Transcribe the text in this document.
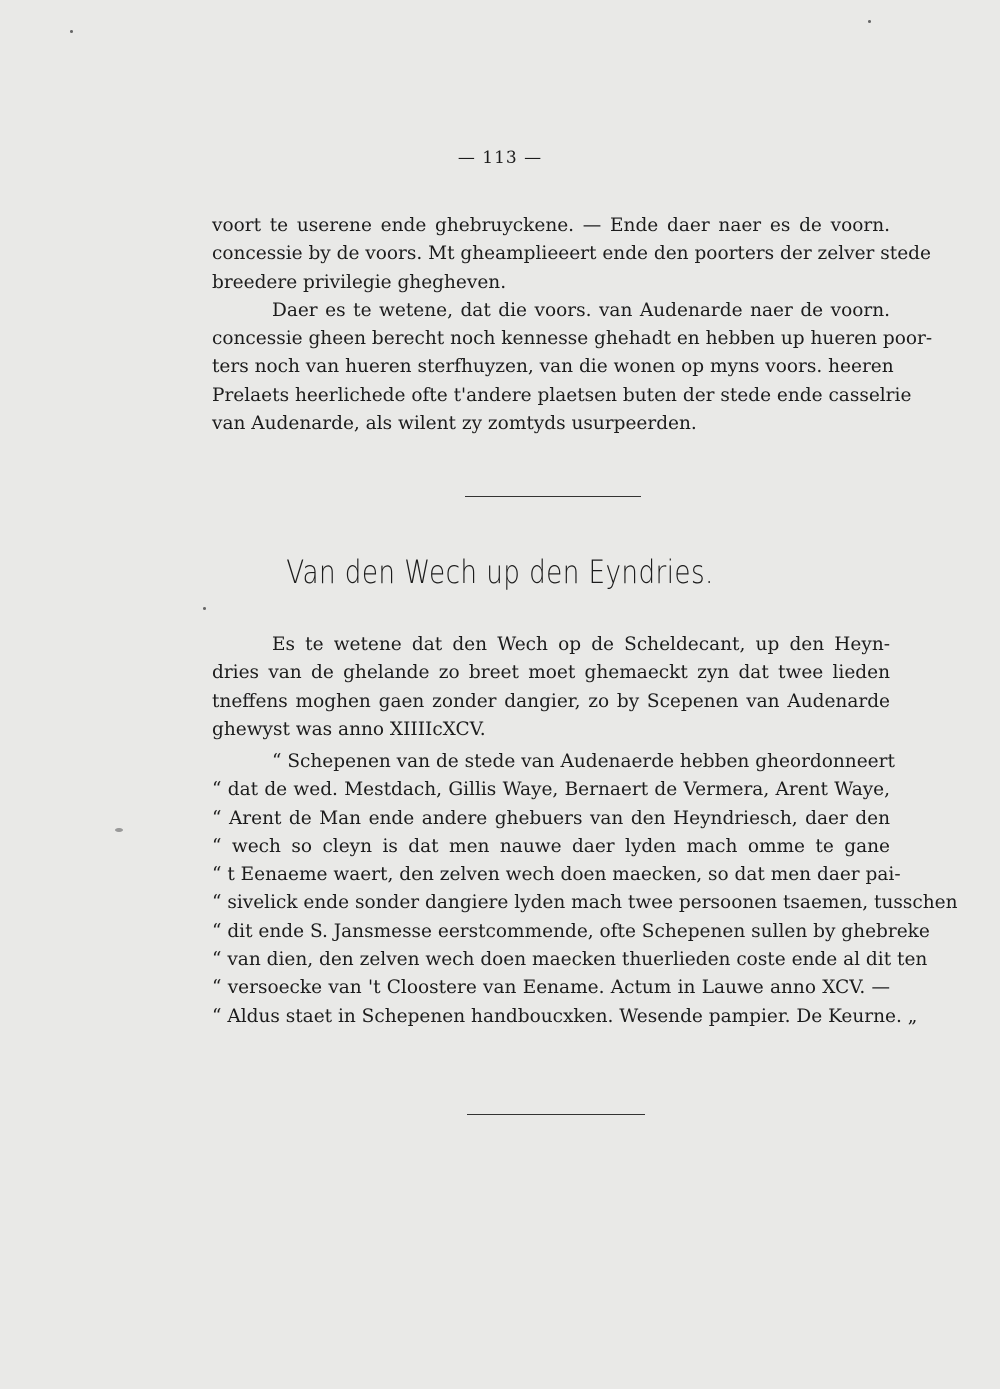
— 113 —
voort te userene ende ghebruyckene. — Ende daer naer es de voorn.
concessie by de voors. Mt gheamplieeert ende den poorters der zelver stede
breedere privilegie ghegheven.
Daer es te wetene, dat die voors. van Audenarde naer de voorn.
concessie gheen berecht noch kennesse ghehadt en hebben up hueren poor-
ters noch van hueren sterfhuyzen, van die wonen op myns voors. heeren
Prelaets heerlichede ofte t'andere plaetsen buten der stede ende casselrie
van Audenarde, als wilent zy zomtyds usurpeerden.
Van den Wech up den Eyndries.
Es te wetene dat den Wech op de Scheldecant, up den Heyn-
dries van de ghelande zo breet moet ghemaeckt zyn dat twee lieden
tneffens moghen gaen zonder dangier, zo by Scepenen van Audenarde
ghewyst was anno XIIIIcXCV.
“ Schepenen van de stede van Audenaerde hebben gheordonneert
“ dat de wed. Mestdach, Gillis Waye, Bernaert de Vermera, Arent Waye,
“ Arent de Man ende andere ghebuers van den Heyndriesch, daer den
“ wech so cleyn is dat men nauwe daer lyden mach omme te gane
“ t Eenaeme waert, den zelven wech doen maecken, so dat men daer pai-
“ sivelick ende sonder dangiere lyden mach twee persoonen tsaemen, tusschen
“ dit ende S. Jansmesse eerstcommende, ofte Schepenen sullen by ghebreke
“ van dien, den zelven wech doen maecken thuerlieden coste ende al dit ten
“ versoecke van 't Cloostere van Eename. Actum in Lauwe anno XCV. —
“ Aldus staet in Schepenen handboucxken. Wesende pampier. De Keurne. „
